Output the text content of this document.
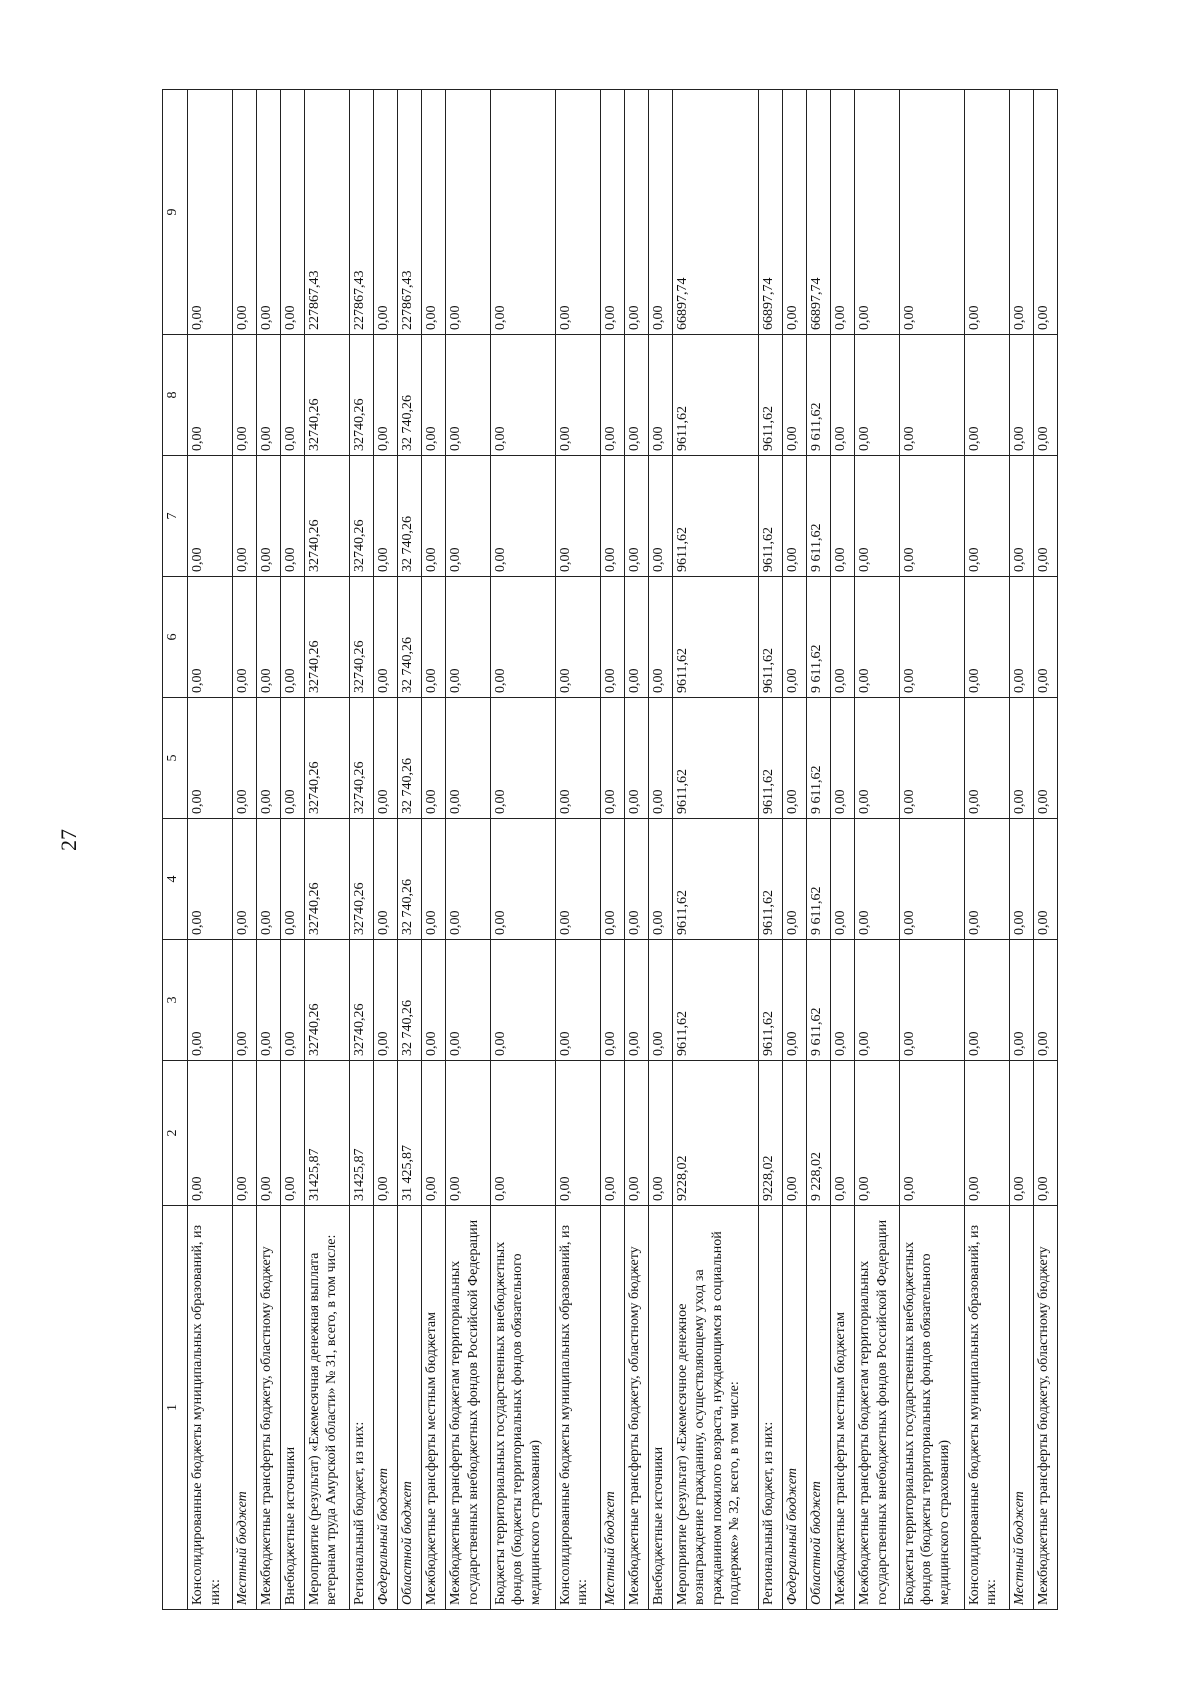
27
1	2	3	4	5	6	7	8	9
Консолидированные бюджеты муниципальных образований, из них:	0,00	0,00	0,00	0,00	0,00	0,00	0,00	0,00
Местный бюджет	0,00	0,00	0,00	0,00	0,00	0,00	0,00	0,00
Межбюджетные трансферты бюджету, областному бюджету	0,00	0,00	0,00	0,00	0,00	0,00	0,00	0,00
Внебюджетные источники	0,00	0,00	0,00	0,00	0,00	0,00	0,00	0,00
Мероприятие (результат) «Ежемесячная денежная выплата ветеранам труда Амурской области» № 31, всего, в том числе:	31425,87	32740,26	32740,26	32740,26	32740,26	32740,26	32740,26	227867,43
Региональный бюджет, из них:	31425,87	32740,26	32740,26	32740,26	32740,26	32740,26	32740,26	227867,43
Федеральный бюджет	0,00	0,00	0,00	0,00	0,00	0,00	0,00	0,00
Областной бюджет	31 425,87	32 740,26	32 740,26	32 740,26	32 740,26	32 740,26	32 740,26	227867,43
Межбюджетные трансферты местным бюджетам	0,00	0,00	0,00	0,00	0,00	0,00	0,00	0,00
Межбюджетные трансферты бюджетам территориальных государственных внебюджетных фондов Российской Федерации	0,00	0,00	0,00	0,00	0,00	0,00	0,00	0,00
Бюджеты территориальных государственных внебюджетных фондов (бюджеты территориальных фондов обязательного медицинского страхования)	0,00	0,00	0,00	0,00	0,00	0,00	0,00	0,00
Консолидированные бюджеты муниципальных образований, из них:	0,00	0,00	0,00	0,00	0,00	0,00	0,00	0,00
Местный бюджет	0,00	0,00	0,00	0,00	0,00	0,00	0,00	0,00
Межбюджетные трансферты бюджету, областному бюджету	0,00	0,00	0,00	0,00	0,00	0,00	0,00	0,00
Внебюджетные источники	0,00	0,00	0,00	0,00	0,00	0,00	0,00	0,00
Мероприятие (результат) «Ежемесячное денежное вознаграждение гражданину, осуществляющему уход за гражданином пожилого возраста, нуждающимся в социальной поддержке» № 32, всего, в том числе:	9228,02	9611,62	9611,62	9611,62	9611,62	9611,62	9611,62	66897,74
Региональный бюджет, из них:	9228,02	9611,62	9611,62	9611,62	9611,62	9611,62	9611,62	66897,74
Федеральный бюджет	0,00	0,00	0,00	0,00	0,00	0,00	0,00	0,00
Областной бюджет	9 228,02	9 611,62	9 611,62	9 611,62	9 611,62	9 611,62	9 611,62	66897,74
Межбюджетные трансферты местным бюджетам	0,00	0,00	0,00	0,00	0,00	0,00	0,00	0,00
Межбюджетные трансферты бюджетам территориальных государственных внебюджетных фондов Российской Федерации	0,00	0,00	0,00	0,00	0,00	0,00	0,00	0,00
Бюджеты территориальных государственных внебюджетных фондов (бюджеты территориальных фондов обязательного медицинского страхования)	0,00	0,00	0,00	0,00	0,00	0,00	0,00	0,00
Консолидированные бюджеты муниципальных образований, из них:	0,00	0,00	0,00	0,00	0,00	0,00	0,00	0,00
Местный бюджет	0,00	0,00	0,00	0,00	0,00	0,00	0,00	0,00
Межбюджетные трансферты бюджету, областному бюджету	0,00	0,00	0,00	0,00	0,00	0,00	0,00	0,00
